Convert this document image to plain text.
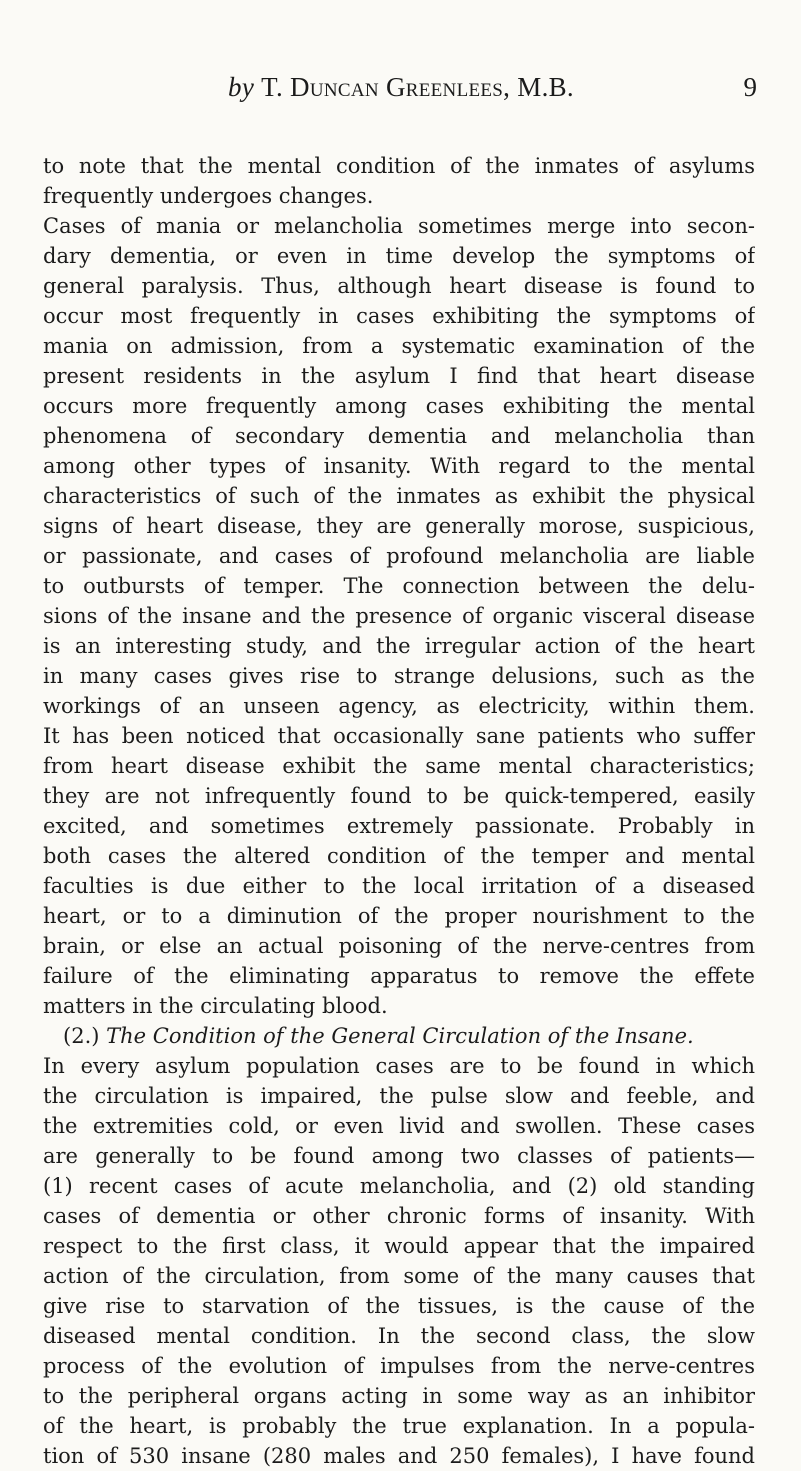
by T. Duncan Greenlees, M.B.	9
to note that the mental condition of the inmates of asylums
frequently undergoes changes.
Cases of mania or melancholia sometimes merge into secon-
dary dementia, or even in time develop the symptoms of
general paralysis. Thus, although heart disease is found to
occur most frequently in cases exhibiting the symptoms of
mania on admission, from a systematic examination of the
present residents in the asylum I find that heart disease
occurs more frequently among cases exhibiting the mental
phenomena of secondary dementia and melancholia than
among other types of insanity. With regard to the mental
characteristics of such of the inmates as exhibit the physical
signs of heart disease, they are generally morose, suspicious,
or passionate, and cases of profound melancholia are liable
to outbursts of temper. The connection between the delu-
sions of the insane and the presence of organic visceral disease
is an interesting study, and the irregular action of the heart
in many cases gives rise to strange delusions, such as the
workings of an unseen agency, as electricity, within them.
It has been noticed that occasionally sane patients who suffer
from heart disease exhibit the same mental characteristics;
they are not infrequently found to be quick-tempered, easily
excited, and sometimes extremely passionate. Probably in
both cases the altered condition of the temper and mental
faculties is due either to the local irritation of a diseased
heart, or to a diminution of the proper nourishment to the
brain, or else an actual poisoning of the nerve-centres from
failure of the eliminating apparatus to remove the effete
matters in the circulating blood.
(2.) The Condition of the General Circulation of the Insane.
In every asylum population cases are to be found in which
the circulation is impaired, the pulse slow and feeble, and
the extremities cold, or even livid and swollen. These cases
are generally to be found among two classes of patients—
(1) recent cases of acute melancholia, and (2) old standing
cases of dementia or other chronic forms of insanity. With
respect to the first class, it would appear that the impaired
action of the circulation, from some of the many causes that
give rise to starvation of the tissues, is the cause of the
diseased mental condition. In the second class, the slow
process of the evolution of impulses from the nerve-centres
to the peripheral organs acting in some way as an inhibitor
of the heart, is probably the true explanation. In a popula-
tion of 530 insane (280 males and 250 females), I have found
